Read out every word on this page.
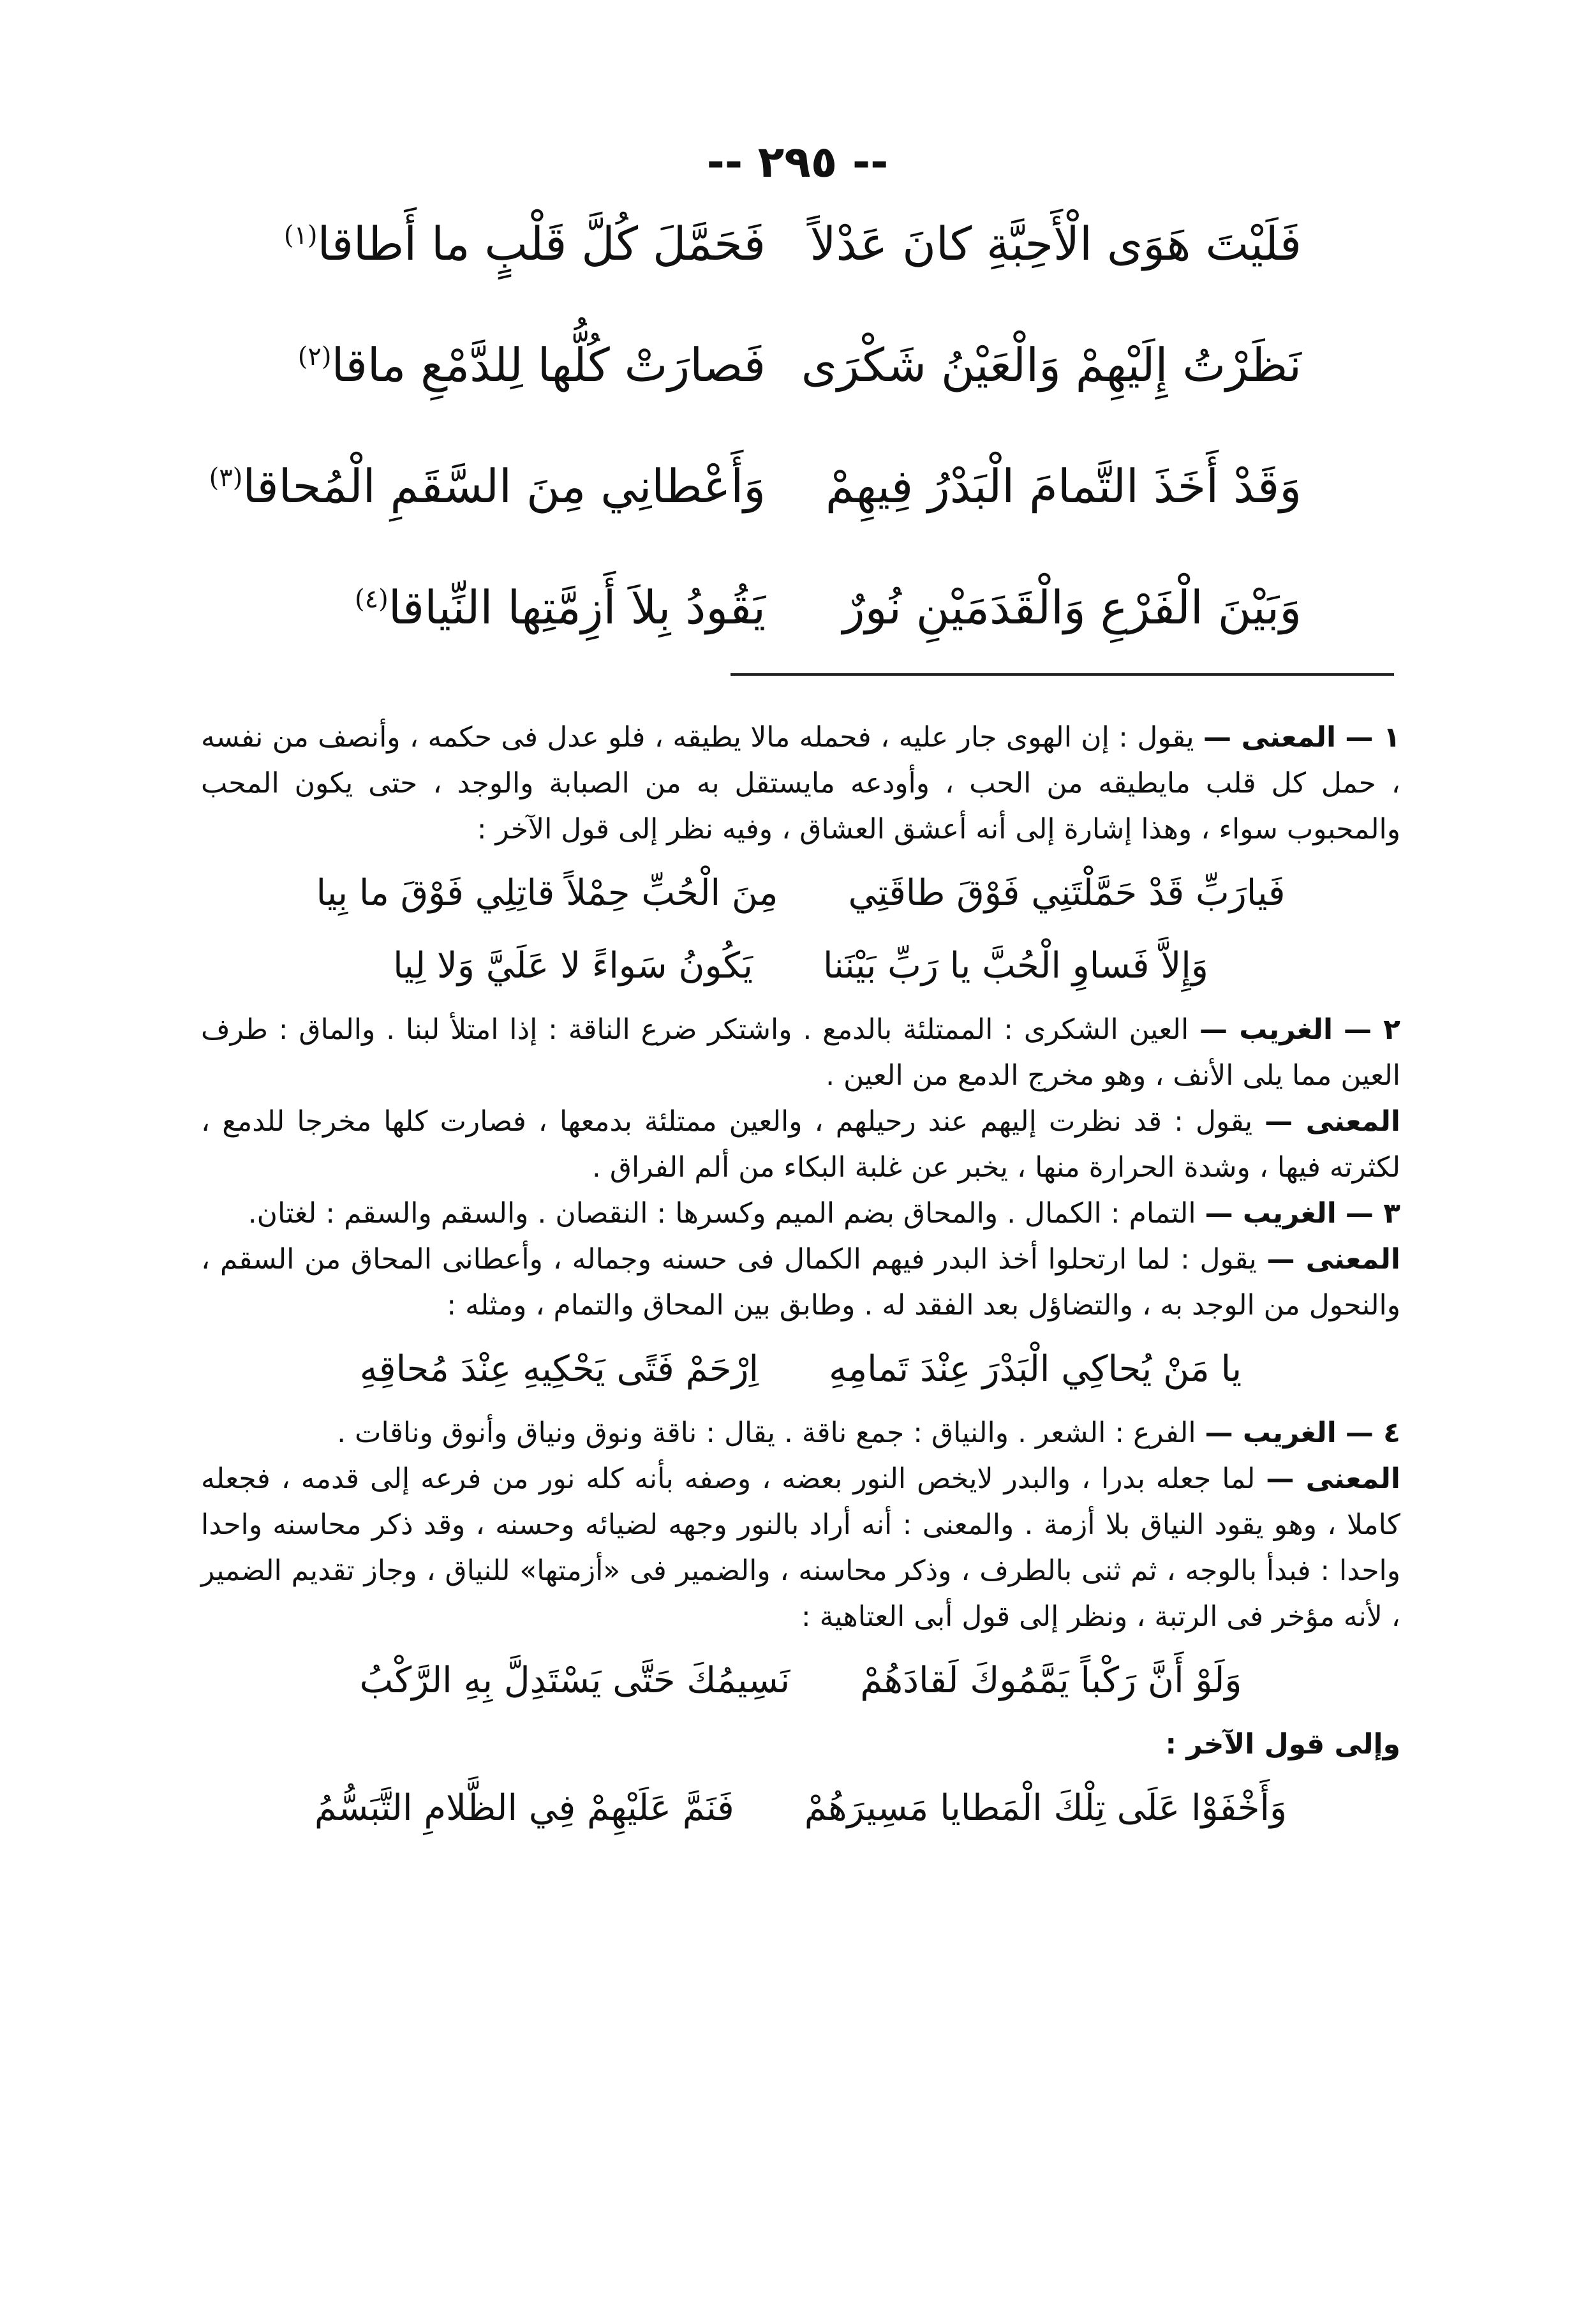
-- ٢٩٥ --
فَلَيْتَ هَوَى الْأَحِبَّةِ كانَ عَدْلاً
فَحَمَّلَ كُلَّ قَلْبٍ ما أَطاقا$^{(١)}$
نَظَرْتُ إِلَيْهِمْ وَالْعَيْنُ شَكْرَى
فَصارَتْ كُلُّها لِلدَّمْعِ ماقا$^{(٢)}$
وَقَدْ أَخَذَ التَّمامَ الْبَدْرُ فِيهِمْ
وَأَعْطانِي مِنَ السَّقَمِ الْمُحاقا$^{(٣)}$
وَبَيْنَ الْفَرْعِ وَالْقَدَمَيْنِ نُورٌ
يَقُودُ بِلاَ أَزِمَّتِها النِّياقا$^{(٤)}$

١ — المعنى — يقول : إن الهوى جار عليه ، فحمله مالا يطيقه ، فلو عدل فى حكمه ، وأنصف من نفسه ، حمل كل قلب مايطيقه من الحب ، وأودعه مايستقل به من الصبابة والوجد ، حتى يكون المحب والمحبوب سواء ، وهذا إشارة إلى أنه أعشق العشاق ، وفيه نظر إلى قول الآخر :

فَيارَبِّ قَدْ حَمَّلْتَنِي فَوْقَ طاقَتِي
مِنَ الْحُبِّ حِمْلاً قاتِلِي فَوْقَ ما بِيا
وَإِلاَّ فَساوِ الْحُبَّ يا رَبِّ بَيْنَنا
يَكُونُ سَواءً لا عَلَيَّ وَلا لِيا

٢ — الغريب — العين الشكرى : الممتلئة بالدمع . واشتكر ضرع الناقة : إذا امتلأ لبنا . والماق : طرف العين مما يلى الأنف ، وهو مخرج الدمع من العين .

المعنى — يقول : قد نظرت إليهم عند رحيلهم ، والعين ممتلئة بدمعها ، فصارت كلها مخرجا للدمع ، لكثرته فيها ، وشدة الحرارة منها ، يخبر عن غلبة البكاء من ألم الفراق .

٣ — الغريب — التمام : الكمال . والمحاق بضم الميم وكسرها : النقصان . والسقم والسقم : لغتان.

المعنى — يقول : لما ارتحلوا أخذ البدر فيهم الكمال فى حسنه وجماله ، وأعطانى المحاق من السقم ، والنحول من الوجد به ، والتضاؤل بعد الفقد له . وطابق بين المحاق والتمام ، ومثله :

يا مَنْ يُحاكِي الْبَدْرَ عِنْدَ تَمامِهِ
اِرْحَمْ فَتًى يَحْكِيهِ عِنْدَ مُحاقِهِ

٤ — الغريب — الفرع : الشعر . والنياق : جمع ناقة . يقال : ناقة ونوق ونياق وأنوق وناقات .

المعنى — لما جعله بدرا ، والبدر لايخص النور بعضه ، وصفه بأنه كله نور من فرعه إلى قدمه ، فجعله كاملا ، وهو يقود النياق بلا أزمة . والمعنى : أنه أراد بالنور وجهه لضيائه وحسنه ، وقد ذكر محاسنه واحدا واحدا : فبدأ بالوجه ، ثم ثنى بالطرف ، وذكر محاسنه ، والضمير فى «أزمتها» للنياق ، وجاز تقديم الضمير ، لأنه مؤخر فى الرتبة ، ونظر إلى قول أبى العتاهية :

وَلَوْ أَنَّ رَكْباً يَمَّمُوكَ لَقادَهُمْ
نَسِيمُكَ حَتَّى يَسْتَدِلَّ بِهِ الرَّكْبُ

وإلى قول الآخر :

وَأَخْفَوْا عَلَى تِلْكَ الْمَطايا مَسِيرَهُمْ
فَنَمَّ عَلَيْهِمْ فِي الظَّلامِ التَّبَسُّمُ
